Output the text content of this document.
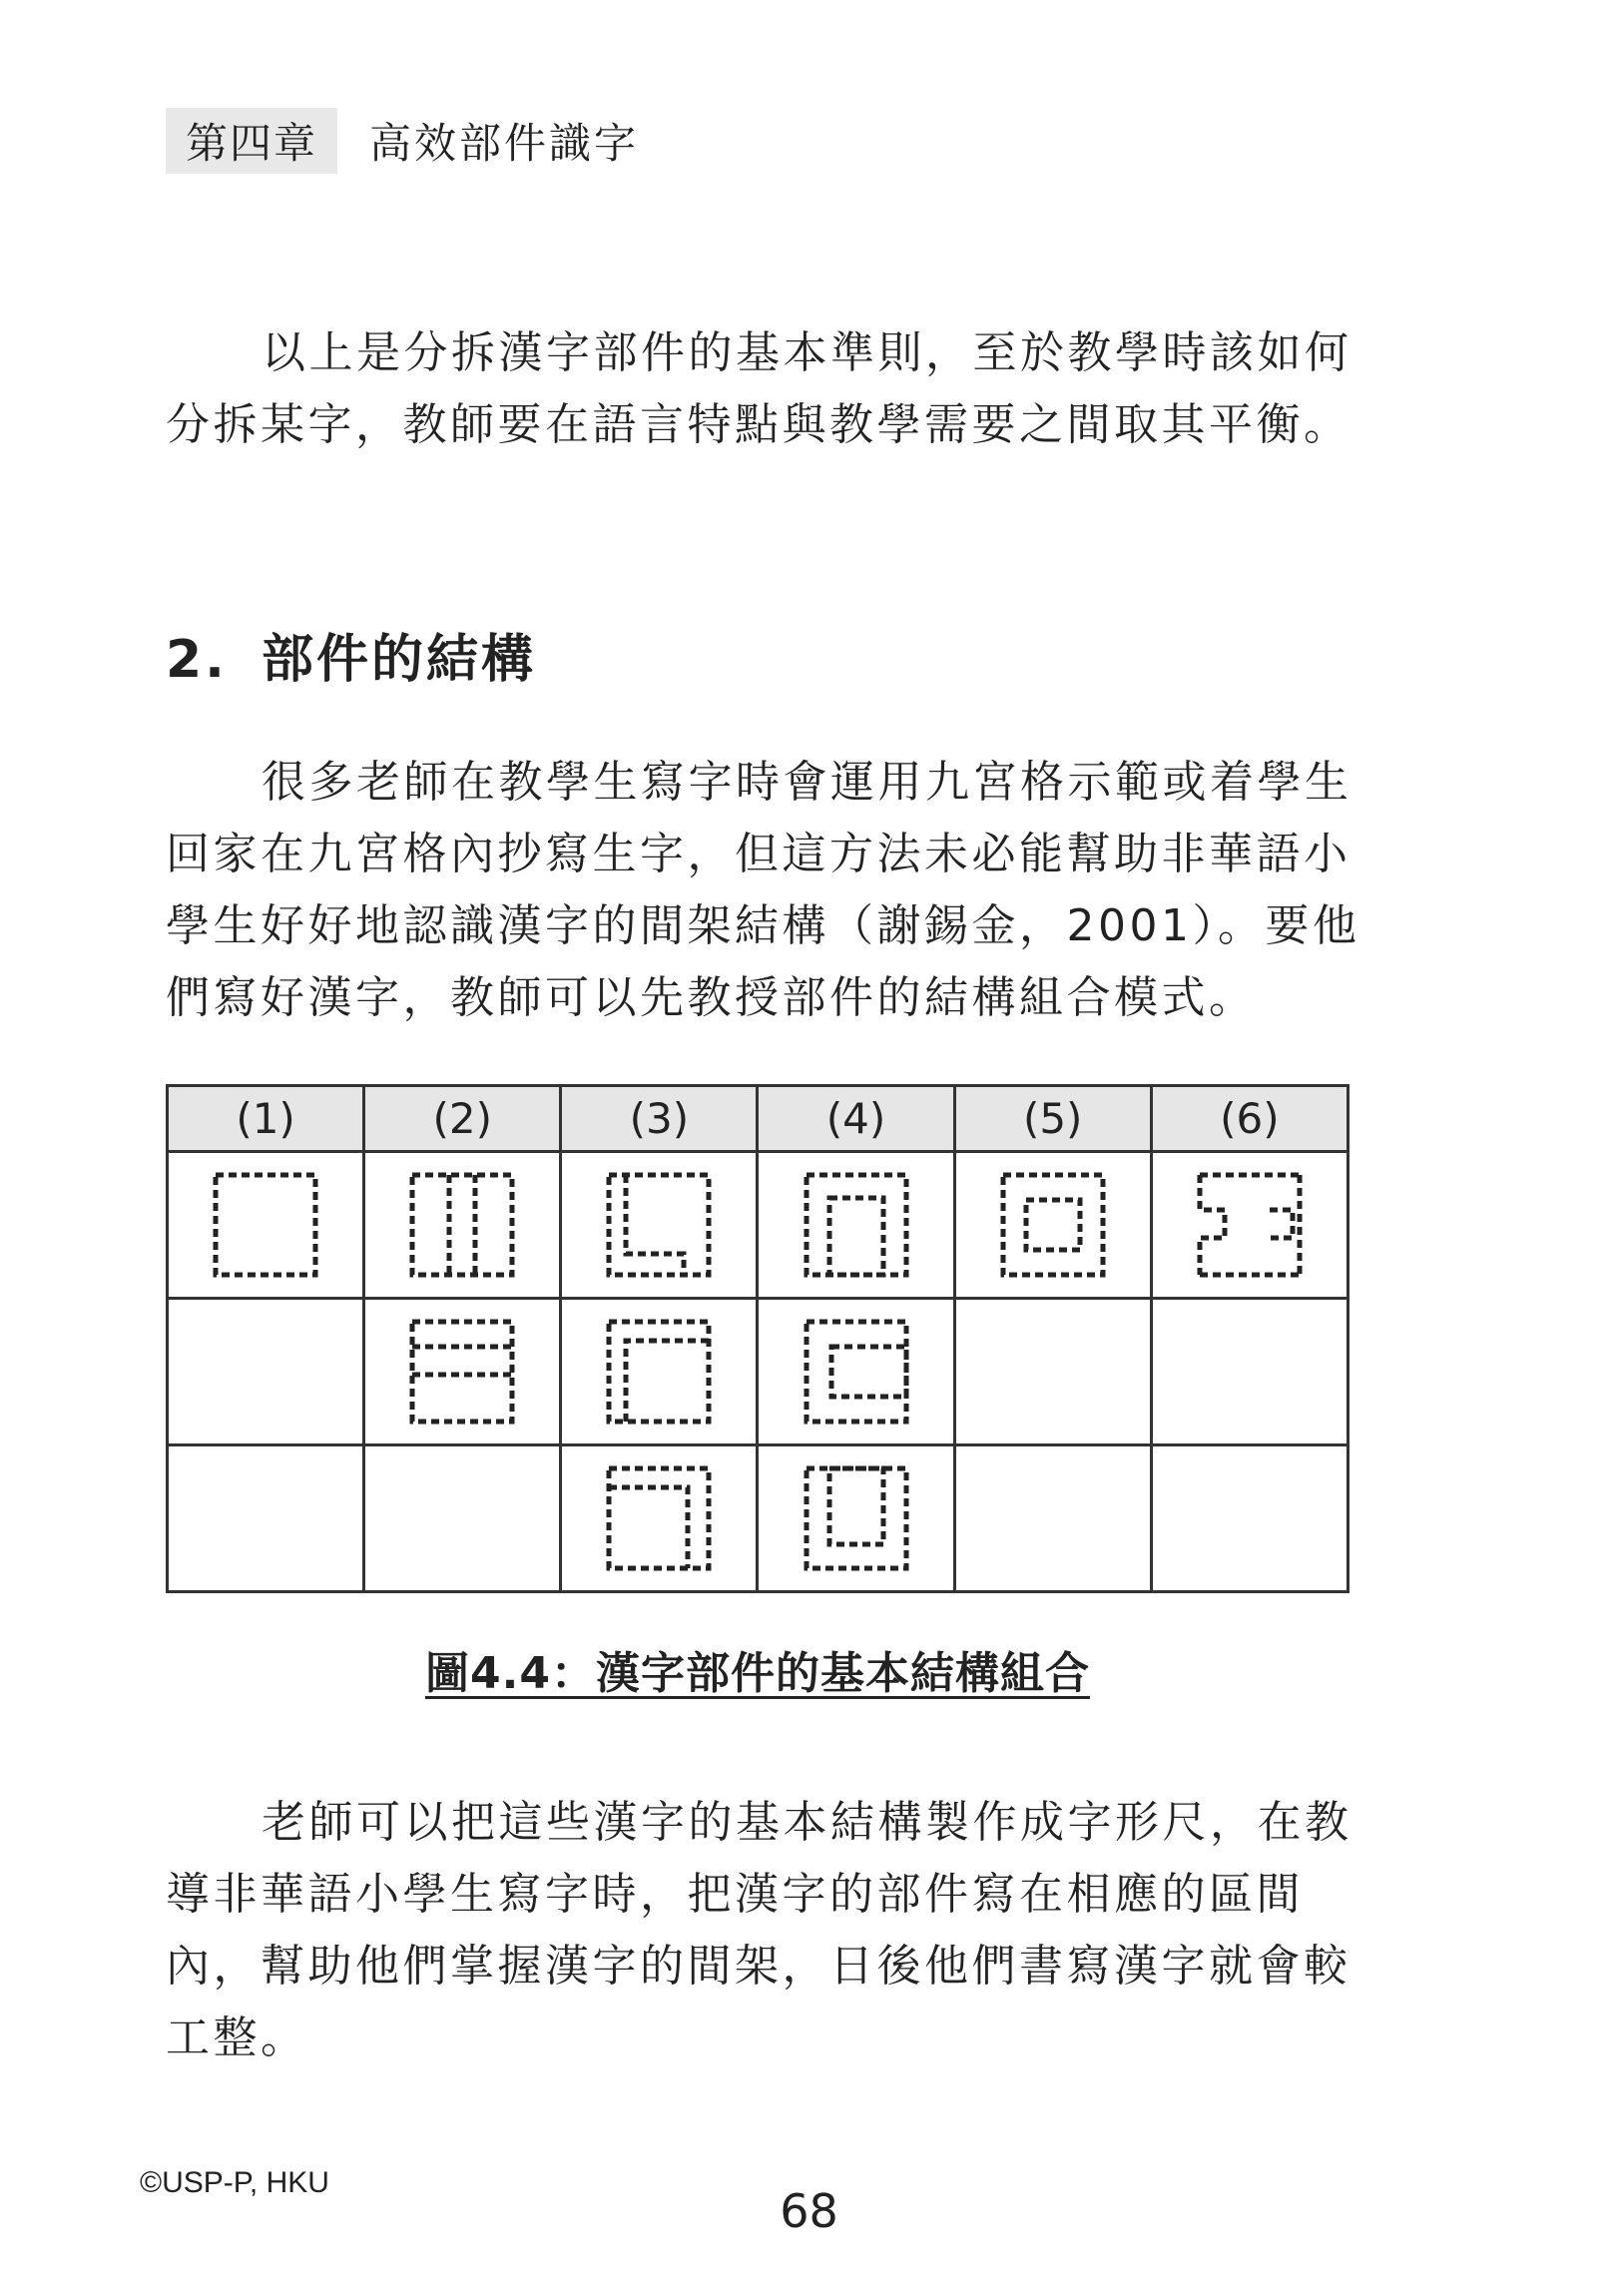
第四章	高效部件識字

以上是分拆漢字部件的基本準則，至於教學時該如何
分拆某字，教師要在語言特點與教學需要之間取其平衡。

2. 部件的結構

很多老師在教學生寫字時會運用九宮格示範或着學生
回家在九宮格內抄寫生字，但這方法未必能幫助非華語小
學生好好地認識漢字的間架結構（謝錫金，2001）。要他
們寫好漢字，教師可以先教授部件的結構組合模式。

(1)	(2)	(3)	(4)	(5)	(6)

圖4.4：漢字部件的基本結構組合

老師可以把這些漢字的基本結構製作成字形尺，在教
導非華語小學生寫字時，把漢字的部件寫在相應的區間
內，幫助他們掌握漢字的間架，日後他們書寫漢字就會較
工整。

©USP-P, HKU
68
